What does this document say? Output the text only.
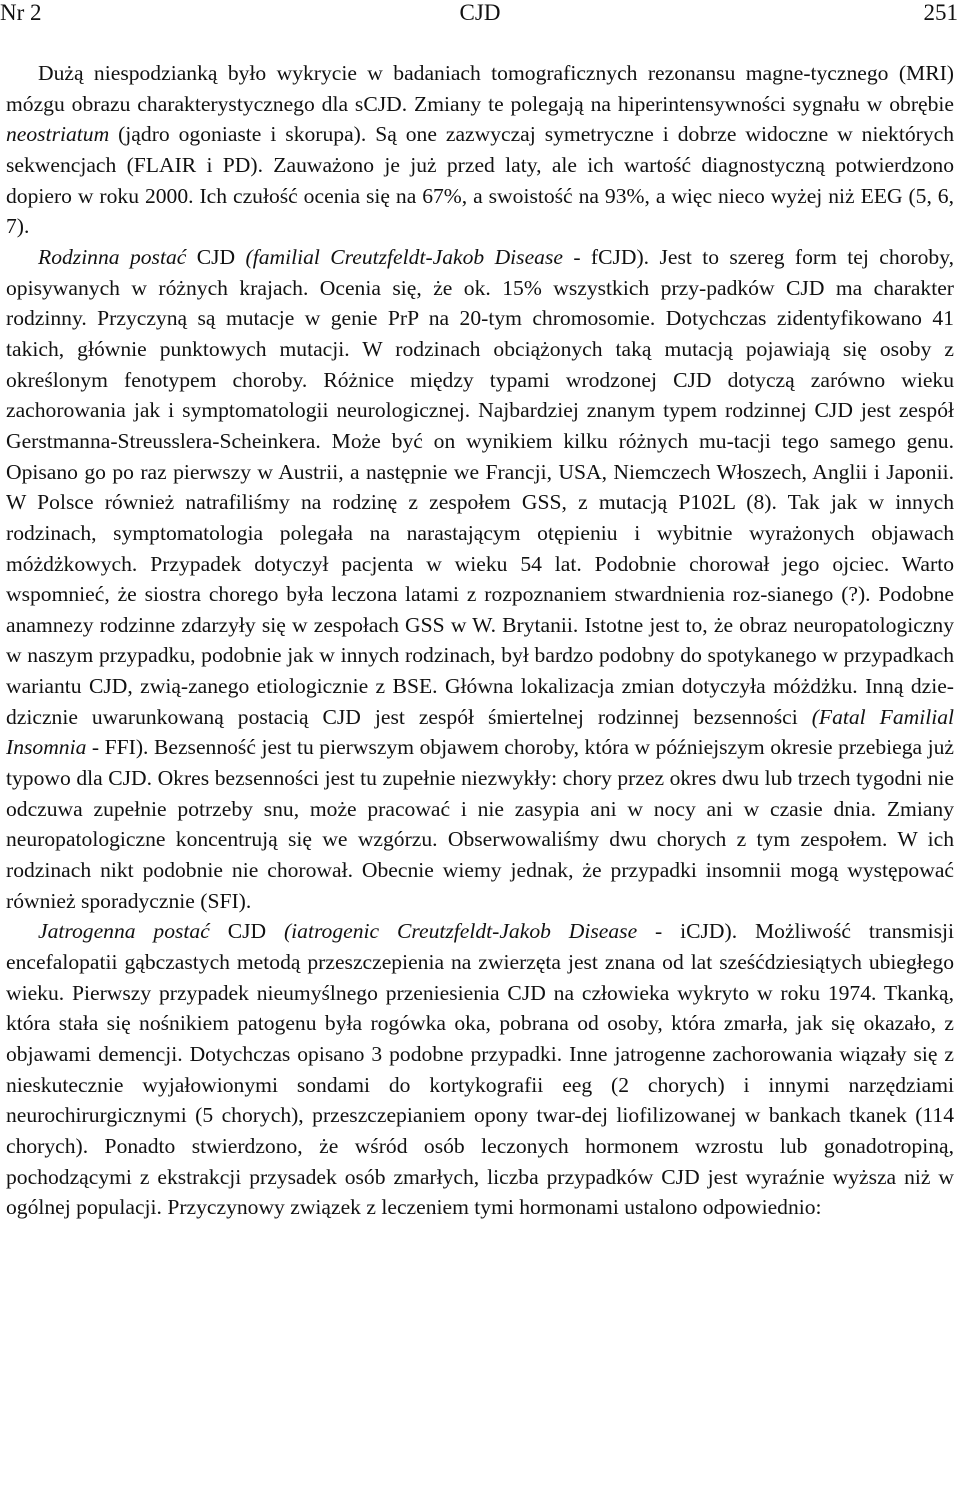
Nr 2	CJD	251

Dużą niespodzianką było wykrycie w badaniach tomograficznych rezonansu magne-tycznego (MRI) mózgu obrazu charakterystycznego dla sCJD. Zmiany te polegają na hiperintensywności sygnału w obrębie neostriatum (jądro ogoniaste i skorupa). Są one zazwyczaj symetryczne i dobrze widoczne w niektórych sekwencjach (FLAIR i PD). Zauważono je już przed laty, ale ich wartość diagnostyczną potwierdzono dopiero w roku 2000. Ich czułość ocenia się na 67%, a swoistość na 93%, a więc nieco wyżej niż EEG (5, 6, 7).

Rodzinna postać CJD (familial Creutzfeldt-Jakob Disease - fCJD). Jest to szereg form tej choroby, opisywanych w różnych krajach. Ocenia się, że ok. 15% wszystkich przy-padków CJD ma charakter rodzinny. Przyczyną są mutacje w genie PrP na 20-tym chromosomie. Dotychczas zidentyfikowano 41 takich, głównie punktowych mutacji. W rodzinach obciążonych taką mutacją pojawiają się osoby z określonym fenotypem choroby. Różnice między typami wrodzonej CJD dotyczą zarówno wieku zachorowania jak i symptomatologii neurologicznej. Najbardziej znanym typem rodzinnej CJD jest zespół Gerstmanna-Streusslera-Scheinkera. Może być on wynikiem kilku różnych mu-tacji tego samego genu. Opisano go po raz pierwszy w Austrii, a następnie we Francji, USA, Niemczech Włoszech, Anglii i Japonii. W Polsce również natrafiliśmy na rodzinę z zespołem GSS, z mutacją P102L (8). Tak jak w innych rodzinach, symptomatologia polegała na narastającym otępieniu i wybitnie wyrażonych objawach móżdżkowych. Przypadek dotyczył pacjenta w wieku 54 lat. Podobnie chorował jego ojciec. Warto wspomnieć, że siostra chorego była leczona latami z rozpoznaniem stwardnienia roz-sianego (?). Podobne anamnezy rodzinne zdarzyły się w zespołach GSS w W. Brytanii. Istotne jest to, że obraz neuropatologiczny w naszym przypadku, podobnie jak w innych rodzinach, był bardzo podobny do spotykanego w przypadkach wariantu CJD, zwią-zanego etiologicznie z BSE. Główna lokalizacja zmian dotyczyła móżdżku. Inną dzie-dzicznie uwarunkowaną postacią CJD jest zespół śmiertelnej rodzinnej bezsenności (Fatal Familial Insomnia - FFI). Bezsenność jest tu pierwszym objawem choroby, która w późniejszym okresie przebiega już typowo dla CJD. Okres bezsenności jest tu zupełnie niezwykły: chory przez okres dwu lub trzech tygodni nie odczuwa zupełnie potrzeby snu, może pracować i nie zasypia ani w nocy ani w czasie dnia. Zmiany neuropatologiczne koncentrują się we wzgórzu. Obserwowaliśmy dwu chorych z tym zespołem. W ich rodzinach nikt podobnie nie chorował. Obecnie wiemy jednak, że przypadki insomnii mogą występować również sporadycznie (SFI).

Jatrogenna postać CJD (iatrogenic Creutzfeldt-Jakob Disease - iCJD). Możliwość transmisji encefalopatii gąbczastych metodą przeszczepienia na zwierzęta jest znana od lat sześćdziesiątych ubiegłego wieku. Pierwszy przypadek nieumyślnego przeniesienia CJD na człowieka wykryto w roku 1974. Tkanką, która stała się nośnikiem patogenu była rogówka oka, pobrana od osoby, która zmarła, jak się okazało, z objawami demencji. Dotychczas opisano 3 podobne przypadki. Inne jatrogenne zachorowania wiązały się z nieskutecznie wyjałowionymi sondami do kortykografii eeg (2 chorych) i innymi narzędziami neurochirurgicznymi (5 chorych), przeszczepianiem opony twar-dej liofilizowanej w bankach tkanek (114 chorych). Ponadto stwierdzono, że wśród osób leczonych hormonem wzrostu lub gonadotropiną, pochodzącymi z ekstrakcji przysadek osób zmarłych, liczba przypadków CJD jest wyraźnie wyższa niż w ogólnej populacji. Przyczynowy związek z leczeniem tymi hormonami ustalono odpowiednio:
